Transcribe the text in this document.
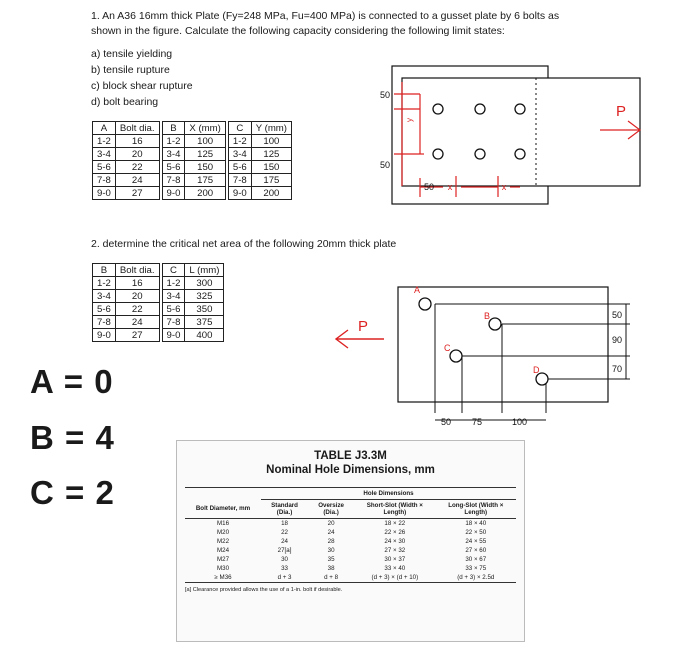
1. An A36 16mm thick Plate (Fy=248 MPa, Fu=400 MPa) is connected to a gusset plate by 6 bolts as
shown in the figure. Calculate the following capacity considering the following limit states:
a) tensile yielding
b) tensile rupture
c) block shear rupture
d) bolt bearing
A	Bolt dia.		B	X (mm)		C	Y (mm)
1-2	16		1-2	100		1-2	100
3-4	20		3-4	125		3-4	125
5-6	22		5-6	150		5-6	150
7-8	24		7-8	175		7-8	175
9-0	27		9-0	200		9-0	200
y
x	x
P
50
50
50
2. determine the critical net area of the following 20mm thick plate
B	Bolt dia.		C	L (mm)
1-2	16		1-2	300
3-4	20		3-4	325
5-6	22		5-6	350
7-8	24		7-8	375
9-0	27		9-0	400
A
B
C
D
P
50
90
70
50 75	100
A = 0
B = 4
C = 2
TABLE J3.3M
Nominal Hole Dimensions, mm
	Hole Dimensions			
Bolt Diameter, mm	Standard (Dia.)	Oversize (Dia.)	Short-Slot (Width × Length)	Long-Slot (Width × Length)
M16	18	20	18 × 22	18 × 40
M20	22	24	22 × 26	22 × 50
M22	24	28	24 × 30	24 × 55
M24	27[a]	30	27 × 32	27 × 60
M27	30	35	30 × 37	30 × 67
M30	33	38	33 × 40	33 × 75
≥ M36	d + 3	d + 8	(d + 3) × (d + 10)	(d + 3) × 2.5d
[a] Clearance provided allows the use of a 1-in. bolt if desirable.
